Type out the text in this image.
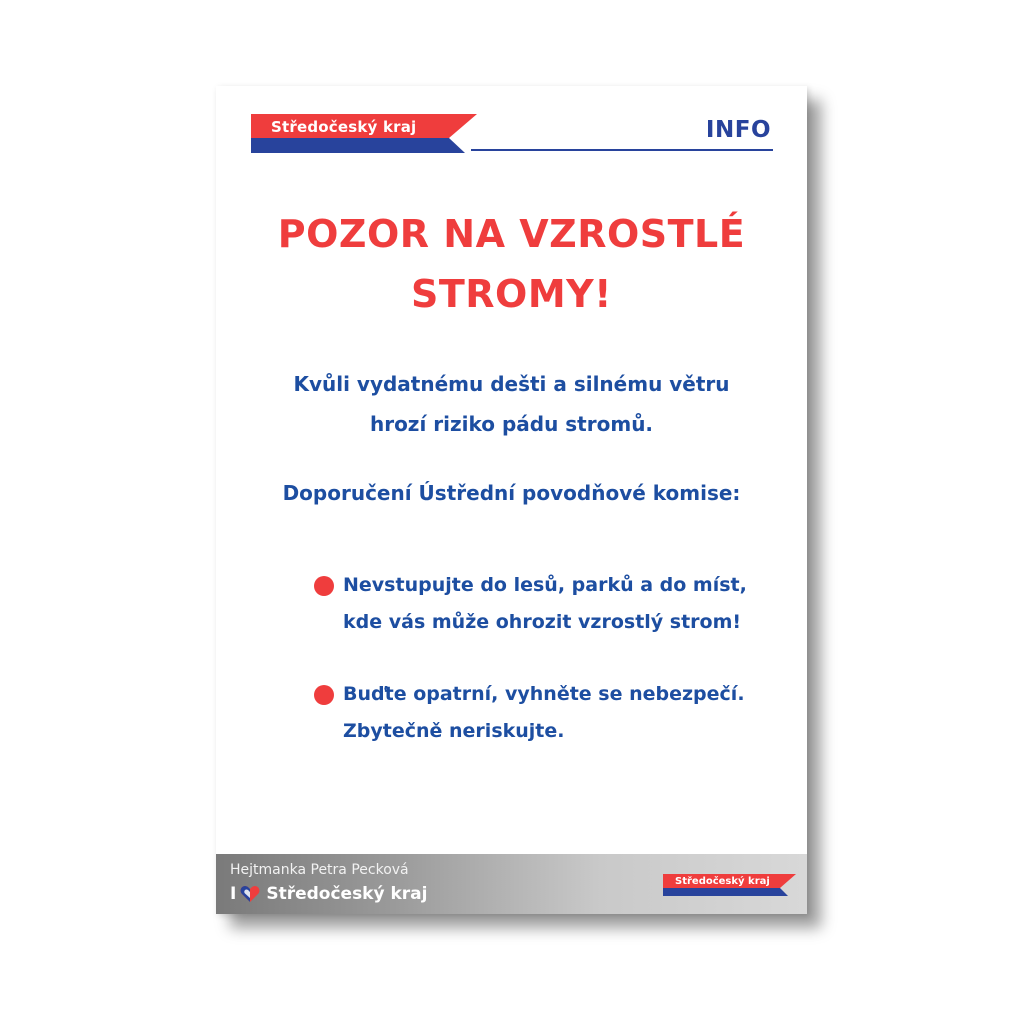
Středočeský kraj	INFO
POZOR NA VZROSTLÉ
STROMY!
Kvůli vydatnému dešti a silnému větru
hrozí riziko pádu stromů.
Doporučení Ústřední povodňové komise:
Nevstupujte do lesů, parků a do míst,
kde vás může ohrozit vzrostlý strom!
Buďte opatrní, vyhněte se nebezpečí.
Zbytečně neriskujte.
Hejtmanka Petra Pecková
I Středočeský kraj
Středočeský kraj
